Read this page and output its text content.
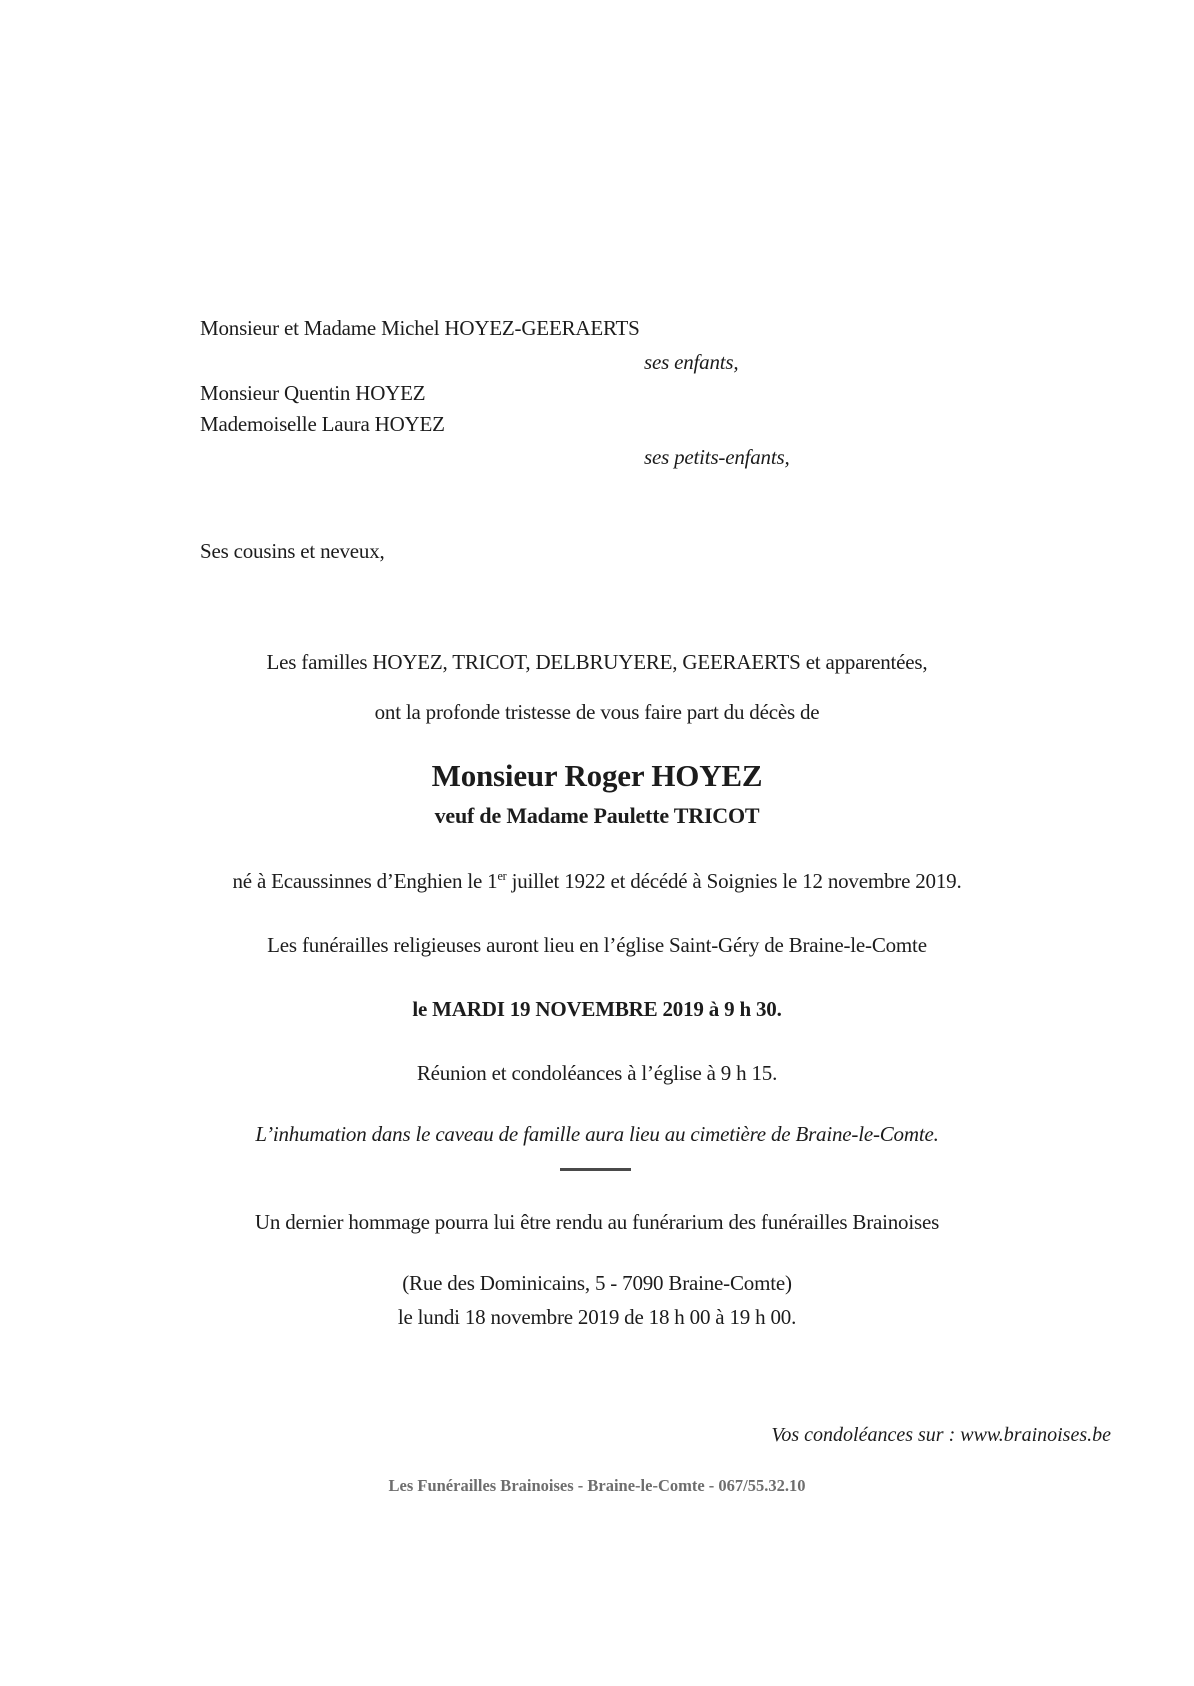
Monsieur et Madame Michel HOYEZ-GEERAERTS
ses enfants,
Monsieur Quentin HOYEZ
Mademoiselle Laura HOYEZ
ses petits-enfants,
Ses cousins et neveux,
Les familles HOYEZ, TRICOT, DELBRUYERE, GEERAERTS et apparentées,
ont la profonde tristesse de vous faire part du décès de
Monsieur Roger HOYEZ
veuf de Madame Paulette TRICOT
né à Ecaussinnes d’Enghien le 1er juillet 1922 et décédé à Soignies le 12 novembre 2019.
Les funérailles religieuses auront lieu en l’église Saint-Géry de Braine-le-Comte
le MARDI 19 NOVEMBRE 2019 à 9 h 30.
Réunion et condoléances à l’église à 9 h 15.
L’inhumation dans le caveau de famille aura lieu au cimetière de Braine-le-Comte.
Un dernier hommage pourra lui être rendu au funérarium des funérailles Brainoises
(Rue des Dominicains, 5 - 7090 Braine-Comte)
le lundi 18 novembre 2019 de 18 h 00 à 19 h 00.
Vos condoléances sur : www.brainoises.be
Les Funérailles Brainoises - Braine-le-Comte - 067/55.32.10
